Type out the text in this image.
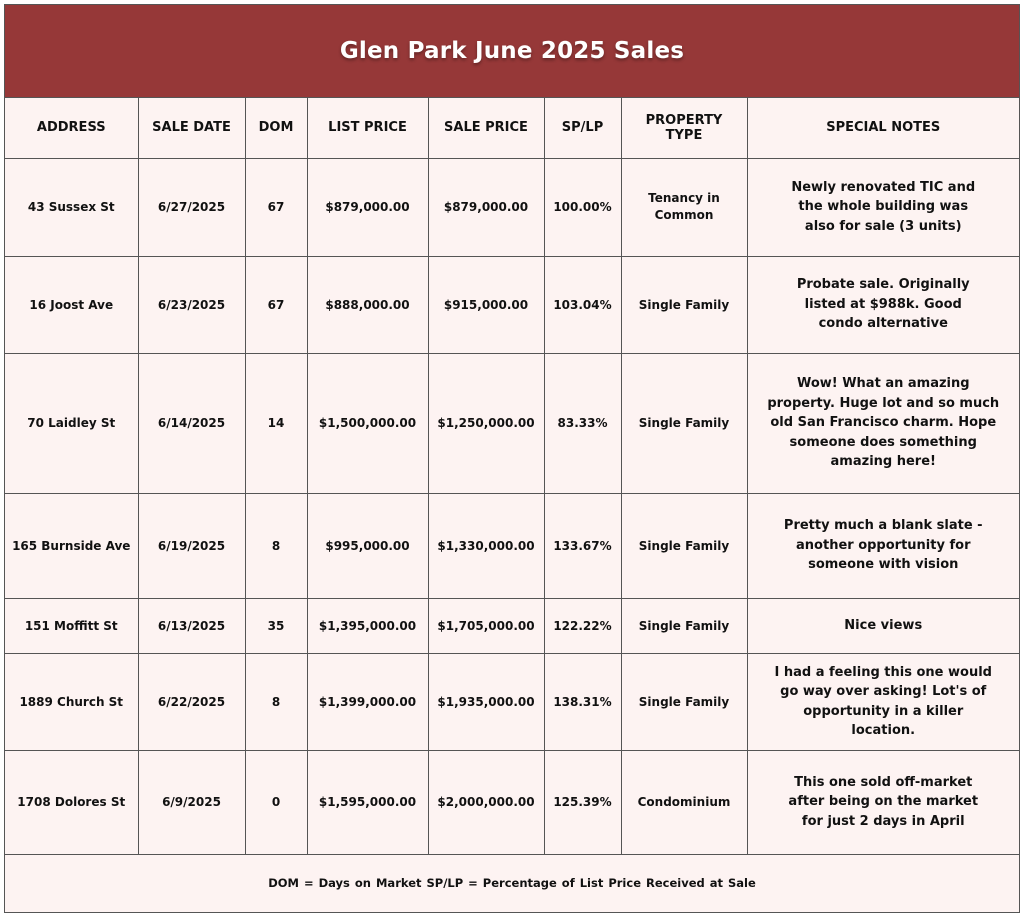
Glen Park June 2025 Sales
ADDRESS	SALE DATE	DOM	LIST PRICE	SALE PRICE	SP/LP	PROPERTY TYPE	SPECIAL NOTES
43 Sussex St	6/27/2025	67	$879,000.00	$879,000.00	100.00%	Tenancy in Common	Newly renovated TIC and the whole building was also for sale (3 units)
16 Joost Ave	6/23/2025	67	$888,000.00	$915,000.00	103.04%	Single Family	Probate sale. Originally listed at $988k. Good condo alternative
70 Laidley St	6/14/2025	14	$1,500,000.00	$1,250,000.00	83.33%	Single Family	Wow! What an amazing property. Huge lot and so much old San Francisco charm. Hope someone does something amazing here!
165 Burnside Ave	6/19/2025	8	$995,000.00	$1,330,000.00	133.67%	Single Family	Pretty much a blank slate - another opportunity for someone with vision
151 Moffitt St	6/13/2025	35	$1,395,000.00	$1,705,000.00	122.22%	Single Family	Nice views
1889 Church St	6/22/2025	8	$1,399,000.00	$1,935,000.00	138.31%	Single Family	I had a feeling this one would go way over asking! Lot's of opportunity in a killer location.
1708 Dolores St	6/9/2025	0	$1,595,000.00	$2,000,000.00	125.39%	Condominium	This one sold off-market after being on the market for just 2 days in April
DOM = Days on Market SP/LP = Percentage of List Price Received at Sale
